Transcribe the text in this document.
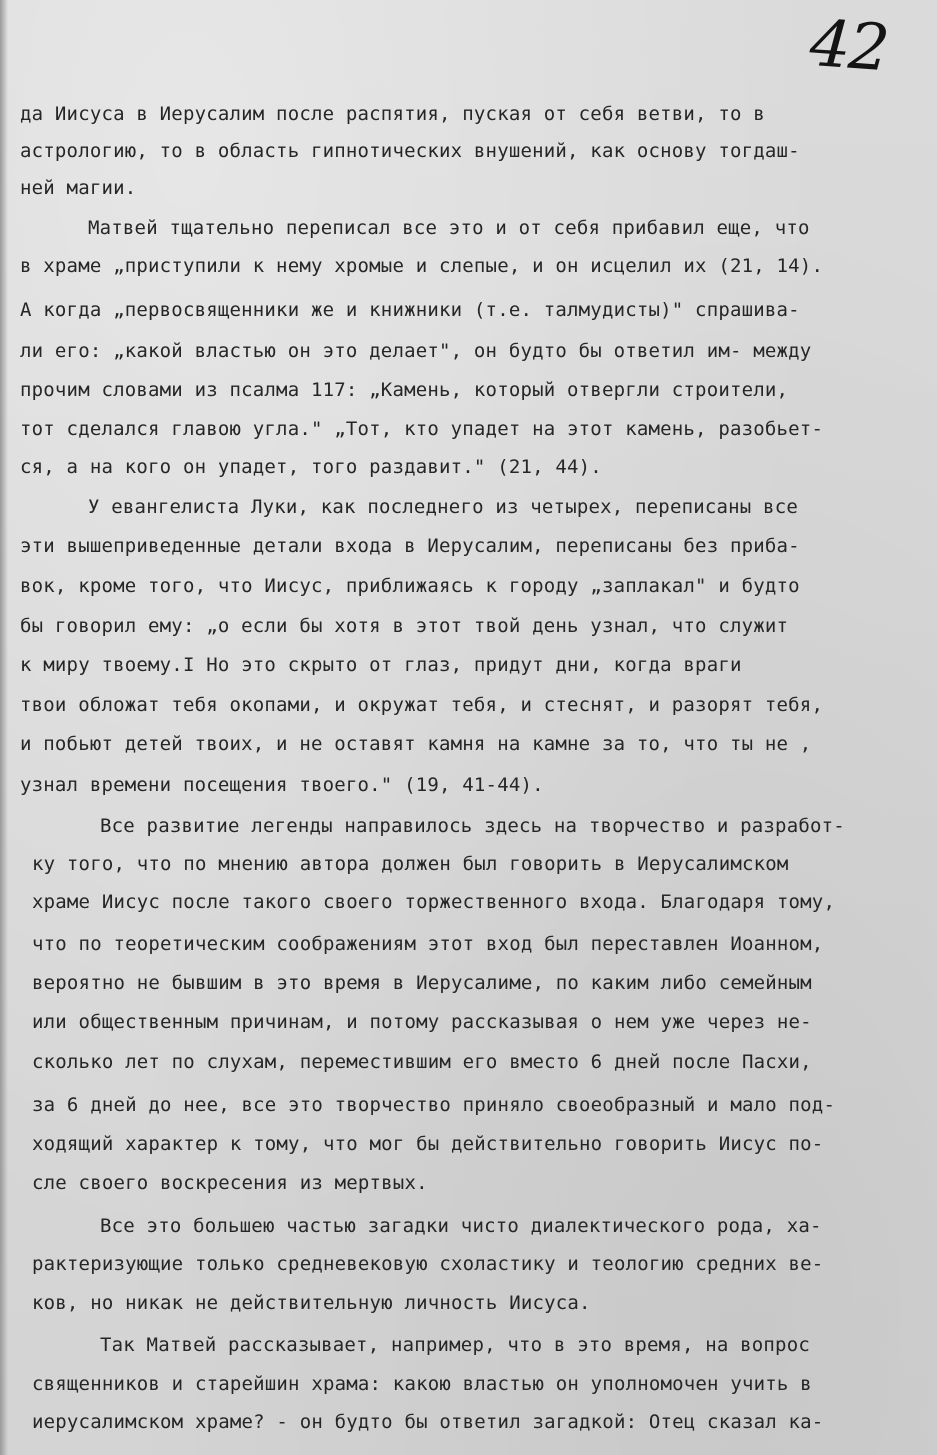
42
да Иисуса в Иерусалим после распятия, пуская от себя ветви, то в
астрологию, то в область гипнотических внушений, как основу тогдаш-
ней магии.
Матвей тщательно переписал все это и от себя прибавил еще, что
в храме „приступили к нему хромые и слепые, и он исцелил их (21, 14).
А когда „первосвященники же и книжники (т.е. талмудисты)" спрашива-
ли его: „какой властью он это делает", он будто бы ответил им- между
прочим словами из псалма 117: „Камень, который отвергли строители,
тот сделался главою угла." „Тот, кто упадет на этот камень, разобьет-
ся, а на кого он упадет, того раздавит." (21, 44).
У евангелиста Луки, как последнего из четырех, переписаны все
эти вышеприведенные детали входа в Иерусалим, переписаны без приба-
вок, кроме того, что Иисус, приближаясь к городу „заплакал" и будто
бы говорил ему: „о если бы хотя в этот твой день узнал, что служит
к миру твоему.I Но это скрыто от глаз, придут дни, когда враги
твои обложат тебя окопами, и окружат тебя, и стеснят, и разорят тебя,
и побьют детей твоих, и не оставят камня на камне за то, что ты не ,
узнал времени посещения твоего." (19, 41-44).
Все развитие легенды направилось здесь на творчество и разработ-
ку того, что по мнению автора должен был говорить в Иерусалимском
храме Иисус после такого своего торжественного входа. Благодаря тому,
что по теоретическим соображениям этот вход был переставлен Иоанном,
вероятно не бывшим в это время в Иерусалиме, по каким либо семейным
или общественным причинам, и потому рассказывая о нем уже через не-
сколько лет по слухам, переместившим его вместо 6 дней после Пасхи,
за 6 дней до нее, все это творчество приняло своеобразный и мало под-
ходящий характер к тому, что мог бы действительно говорить Иисус по-
сле своего воскресения из мертвых.
Все это большею частью загадки чисто диалектического рода, ха-
рактеризующие только средневековую схоластику и теологию средних ве-
ков, но никак не действительную личность Иисуса.
Так Матвей рассказывает, например, что в это время, на вопрос
священников и старейшин храма: какою властью он уполномочен учить в
иерусалимском храме? - он будто бы ответил загадкой: Отец сказал ка-
